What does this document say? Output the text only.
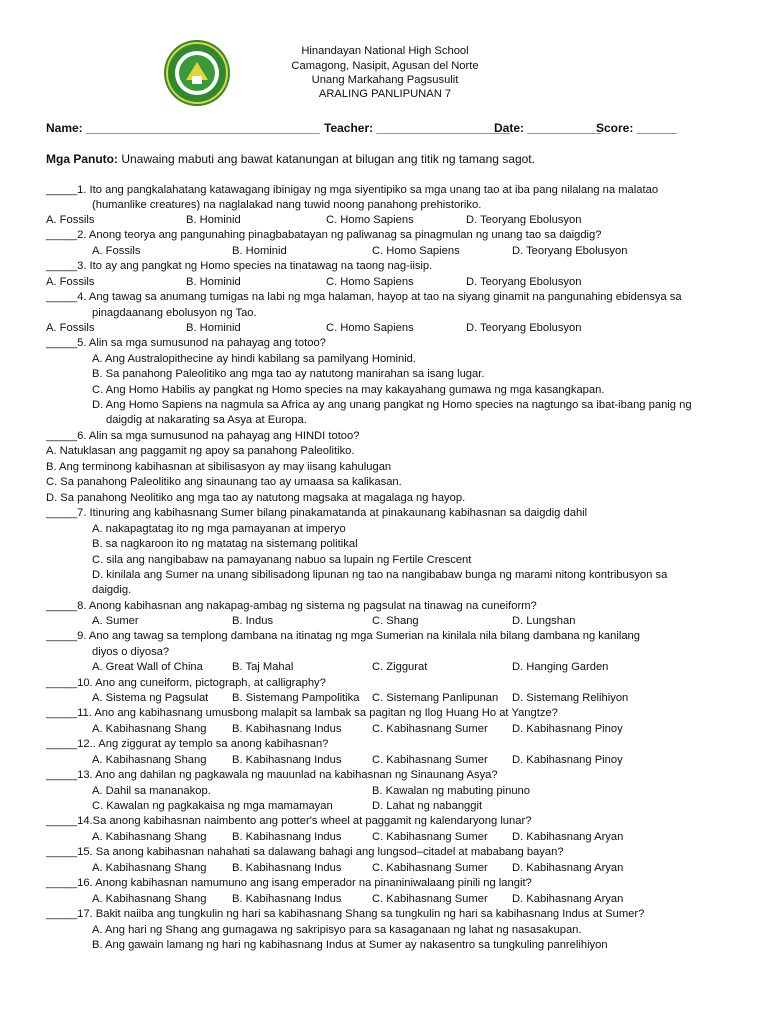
Hinandayan National High School
Camagong, Nasipit, Agusan del Norte
Unang Markahang Pagsusulit
ARALING PANLIPUNAN 7
Name: ___________________________________ Teacher: ____________________
Date: ___________
Score: ______
Mga Panuto: Unawaing mabuti ang bawat katanungan at bilugan ang titik ng tamang sagot.
_____1. Ito ang pangkalahatang katawagang ibinigay ng mga siyentipiko sa mga unang tao at iba pang nilalang na malatao
(humanlike creatures) na naglalakad nang tuwid noong panahong prehistoriko.
A. Fossils	B. Hominid	C. Homo Sapiens	D. Teoryang Ebolusyon
_____2. Anong teorya ang pangunahing pinagbabatayan ng paliwanag sa pinagmulan ng unang tao sa daigdig?
A. Fossils	B. Hominid	C. Homo Sapiens	D. Teoryang Ebolusyon
_____3. Ito ay ang pangkat ng Homo species na tinatawag na taong nag-iisip.
A. Fossils	B. Hominid	C. Homo Sapiens	D. Teoryang Ebolusyon
_____4. Ang tawag sa anumang tumigas na labi ng mga halaman, hayop at tao na siyang ginamit na pangunahing ebidensya sa
pinagdaanang ebolusyon ng Tao.
A. Fossils	B. Hominid	C. Homo Sapiens	D. Teoryang Ebolusyon
_____5. Alin sa mga sumusunod na pahayag ang totoo?
A. Ang Australopithecine ay hindi kabilang sa pamilyang Hominid.
B. Sa panahong Paleolitiko ang mga tao ay natutong manirahan sa isang lugar.
C. Ang Homo Habilis ay pangkat ng Homo species na may kakayahang gumawa ng mga kasangkapan.
D. Ang Homo Sapiens na nagmula sa Africa ay ang unang pangkat ng Homo species na nagtungo sa ibat-ibang panig ng
daigdig at nakarating sa Asya at Europa.
_____6. Alin sa mga sumusunod na pahayag ang HINDI totoo?
A. Natuklasan ang paggamit ng apoy sa panahong Paleolitiko.
B. Ang terminong kabihasnan at sibilisasyon ay may iisang kahulugan
C. Sa panahong Paleolitiko ang sinaunang tao ay umaasa sa kalikasan.
D. Sa panahong Neolitiko ang mga tao ay natutong magsaka at magalaga ng hayop.
_____7. Itinuring ang kabihasnang Sumer bilang pinakamatanda at pinakaunang kabihasnan sa daigdig dahil
A. nakapagtatag ito ng mga pamayanan at imperyo
B. sa nagkaroon ito ng matatag na sistemang politikal
C. sila ang nangibabaw na pamayanang nabuo sa lupain ng Fertile Crescent
D. kinilala ang Sumer na unang sibilisadong lipunan ng tao na nangibabaw bunga ng marami nitong kontribusyon sa
daigdig.
_____8. Anong kabihasnan ang nakapag-ambag ng sistema ng pagsulat na tinawag na cuneiform?
A. Sumer	B. Indus	C. Shang	D. Lungshan
_____9. Ano ang tawag sa templong dambana na itinatag ng mga Sumerian na kinilala nila bilang dambana ng kanilang
diyos o diyosa?
A. Great Wall of China	B. Taj Mahal	C. Ziggurat	D. Hanging Garden
_____10. Ano ang cuneiform, pictograph, at calligraphy?
A. Sistema ng Pagsulat B. Sistemang Pampolitika C. Sistemang Panlipunan D. Sistemang Relihiyon
_____11. Ano ang kabihasnang umusbong malapit sa lambak sa pagitan ng Ilog Huang Ho at Yangtze?
A. Kabihasnang Shang B. Kabihasnang Indus	C. Kabihasnang Sumer D. Kabihasnang Pinoy
_____12.. Ang ziggurat ay templo sa anong kabihasnan?
A. Kabihasnang Shang B. Kabihasnang Indus	C. Kabihasnang Sumer D. Kabihasnang Pinoy
_____13. Ano ang dahilan ng pagkawala ng mauunlad na kabihasnan ng Sinaunang Asya?
A. Dahil sa mananakop.	B. Kawalan ng mabuting pinuno
C. Kawalan ng pagkakaisa ng mga mamamayan	D. Lahat ng nabanggit
_____14.Sa anong kabihasnan naimbento ang potter's wheel at paggamit ng kalendaryong lunar?
A. Kabihasnang Shang B. Kabihasnang Indus	C. Kabihasnang Sumer D. Kabihasnang Aryan
_____15. Sa anong kabihasnan nahahati sa dalawang bahagi ang lungsod–citadel at mababang bayan?
A. Kabihasnang Shang B. Kabihasnang Indus	C. Kabihasnang Sumer D. Kabihasnang Aryan
_____16. Anong kabihasnan namumuno ang isang emperador na pinaniniwalaang pinili ng langit?
A. Kabihasnang Shang B. Kabihasnang Indus	C. Kabihasnang Sumer D. Kabihasnang Aryan
_____17. Bakit naiiba ang tungkulin ng hari sa kabihasnang Shang sa tungkulin ng hari sa kabihasnang Indus at Sumer?
A. Ang hari ng Shang ang gumagawa ng sakripisyo para sa kasaganaan ng lahat ng nasasakupan.
B. Ang gawain lamang ng hari ng kabihasnang Indus at Sumer ay nakasentro sa tungkuling panrelihiyon
